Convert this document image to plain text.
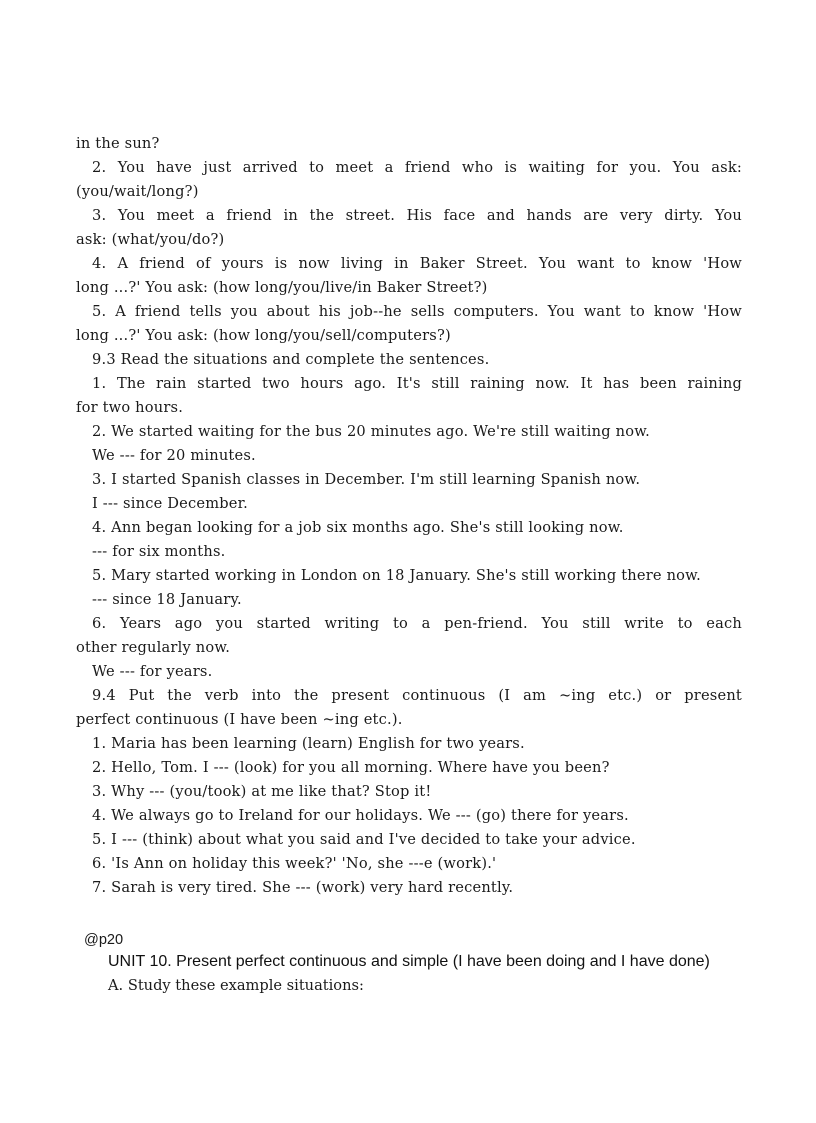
in the sun?
2. You have just arrived to meet a friend who is waiting for you. You ask:
(you/wait/long?)
3. You meet a friend in the street. His face and hands are very dirty. You
ask: (what/you/do?)
4. A friend of yours is now living in Baker Street. You want to know 'How
long ...?' You ask: (how long/you/live/in Baker Street?)
5. A friend tells you about his job--he sells computers. You want to know 'How
long ...?' You ask: (how long/you/sell/computers?)
9.3 Read the situations and complete the sentences.
1. The rain started two hours ago. It's still raining now. It has been raining
for two hours.
2. We started waiting for the bus 20 minutes ago. We're still waiting now.
We --- for 20 minutes.
3. I started Spanish classes in December. I'm still learning Spanish now.
I --- since December.
4. Ann began looking for a job six months ago. She's still looking now.
--- for six months.
5. Mary started working in London on 18 January. She's still working there now.
--- since 18 January.
6. Years ago you started writing to a pen-friend. You still write to each
other regularly now.
We --- for years.
9.4 Put the verb into the present continuous (I am ~ing etc.) or present
perfect continuous (I have been ~ing etc.).
1. Maria has been learning (learn) English for two years.
2. Hello, Tom. I --- (look) for you all morning. Where have you been?
3. Why --- (you/took) at me like that? Stop it!
4. We always go to Ireland for our holidays. We --- (go) there for years.
5. I --- (think) about what you said and I've decided to take your advice.
6. 'Is Ann on holiday this week?' 'No, she ---e (work).'
7. Sarah is very tired. She --- (work) very hard recently.
@p20
UNIT 10. Present perfect continuous and simple (I have been doing and I have done)
A. Study these example situations:
